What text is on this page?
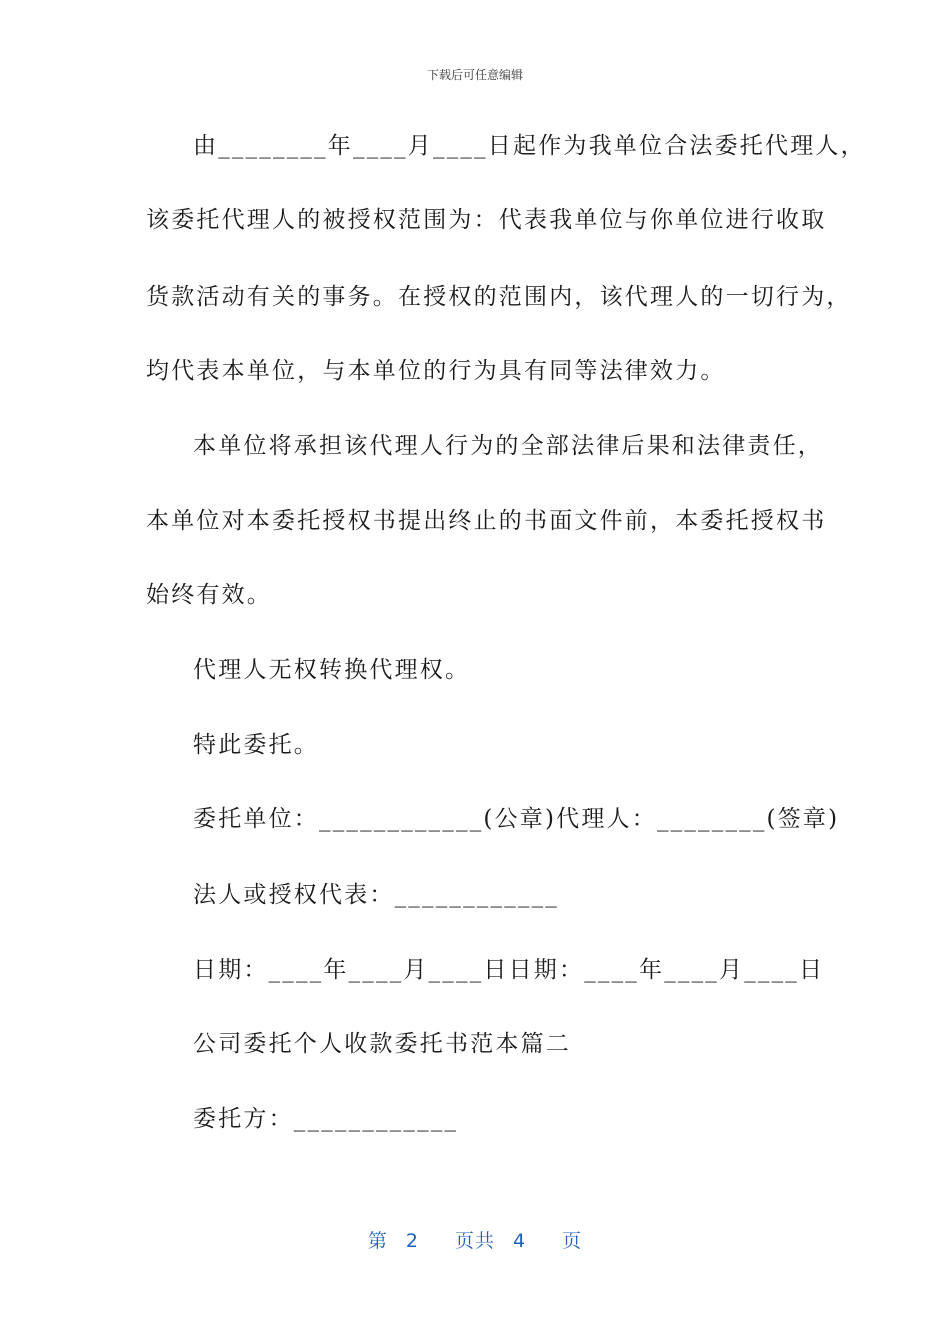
下载后可任意编辑
由________年____月____日起作为我单位合法委托代理人，
该委托代理人的被授权范围为：代表我单位与你单位进行收取
货款活动有关的事务。在授权的范围内，该代理人的一切行为，
均代表本单位，与本单位的行为具有同等法律效力。
本单位将承担该代理人行为的全部法律后果和法律责任，
本单位对本委托授权书提出终止的书面文件前，本委托授权书
始终有效。
代理人无权转换代理权。
特此委托。
委托单位：____________(公章)代理人：________(签章)
法人或授权代表：____________
日期：____年____月____日日期：____年____月____日
公司委托个人收款委托书范本篇二
委托方：____________
第 2 页共 4 页
